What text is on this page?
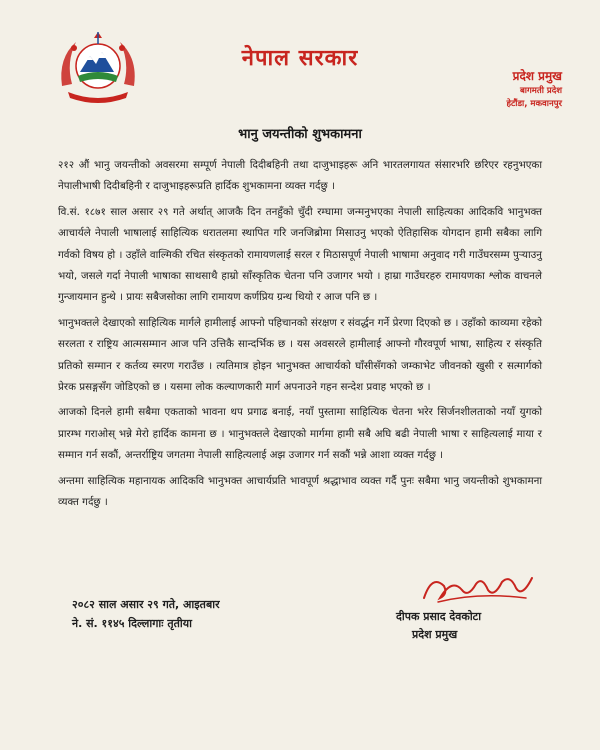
नेपाल सरकार
प्रदेश प्रमुख
बागमती प्रदेश
हेटौंडा, मकवानपुर
भानु जयन्तीको शुभकामना

२१२ औं भानु जयन्तीको अवसरमा सम्पूर्ण नेपाली दिदीबहिनी तथा दाजुभाइहरू अनि भारतलगायत संसारभरि छरिएर रहनुभएका नेपालीभाषी दिदीबहिनी र दाजुभाइहरूप्रति हार्दिक शुभकामना व्यक्त गर्दछु ।

वि.सं. १८७१ साल असार २९ गते अर्थात् आजकै दिन तनहुँको चुँदी रम्घामा जन्मनुभएका नेपाली साहित्यका आदिकवि भानुभक्त आचार्यले नेपाली भाषालाई साहित्यिक धरातलमा स्थापित गरि जनजिब्रोमा मिसाउनु भएको ऐतिहासिक योगदान हामी सबैका लागि गर्वको विषय हो । उहाँले वाल्मिकी रचित संस्कृतको रामायणलाई सरल र मिठासपूर्ण नेपाली भाषामा अनुवाद गरी गाउँघरसम्म पुऱ्याउनु भयो, जसले गर्दा नेपाली भाषाका साथसाथै हाम्रो साँस्कृतिक चेतना पनि उजागर भयो । हाम्रा गाउँघरहरु रामायणका श्लोक वाचनले गुन्जायमान हुन्थे । प्रायः सबैजसोका लागि रामायण कर्णप्रिय ग्रन्थ थियो र आज पनि छ ।

भानुभक्तले देखाएको साहित्यिक मार्गले हामीलाई आफ्नो पहिचानको संरक्षण र संवर्द्धन गर्ने प्रेरणा दिएको छ । उहाँको काव्यमा रहेको सरलता र राष्ट्रिय आत्मसम्मान आज पनि उत्तिकै सान्दर्भिक छ । यस अवसरले हामीलाई आफ्नो गौरवपूर्ण भाषा, साहित्य र संस्कृति प्रतिको सम्मान र कर्तव्य स्मरण गराउँछ । त्यतिमात्र होइन भानुभक्त आचार्यको घाँसीसँगको जम्काभेट जीवनको खुसी र सत्मार्गको प्रेरक प्रसङ्गसँग जोडिएको छ । यसमा लोक कल्याणकारी मार्ग अपनाउने गहन सन्देश प्रवाह भएको छ ।

आजको दिनले हामी सबैमा एकताको भावना थप प्रगाढ बनाई, नयाँ पुस्तामा साहित्यिक चेतना भरेर सिर्जनशीलताको नयाँ युगको प्रारम्भ गराओस् भन्ने मेरो हार्दिक कामना छ । भानुभक्तले देखाएको मार्गमा हामी सबै अघि बढी नेपाली भाषा र साहित्यलाई माया र सम्मान गर्न सकौं, अन्तर्राष्ट्रिय जगतमा नेपाली साहित्यलाई अझ उजागर गर्न सकौं भन्ने आशा व्यक्त गर्दछु ।

अन्तमा साहित्यिक महानायक आदिकवि भानुभक्त आचार्यप्रति भावपूर्ण श्रद्धाभाव व्यक्त गर्दै पुनः सबैमा भानु जयन्तीको शुभकामना व्यक्त गर्दछु ।

२०८२ साल असार २९ गते, आइतबार
ने. सं. ११४५ दिल्लागाः तृतीया
दीपक प्रसाद देवकोटा
प्रदेश प्रमुख
